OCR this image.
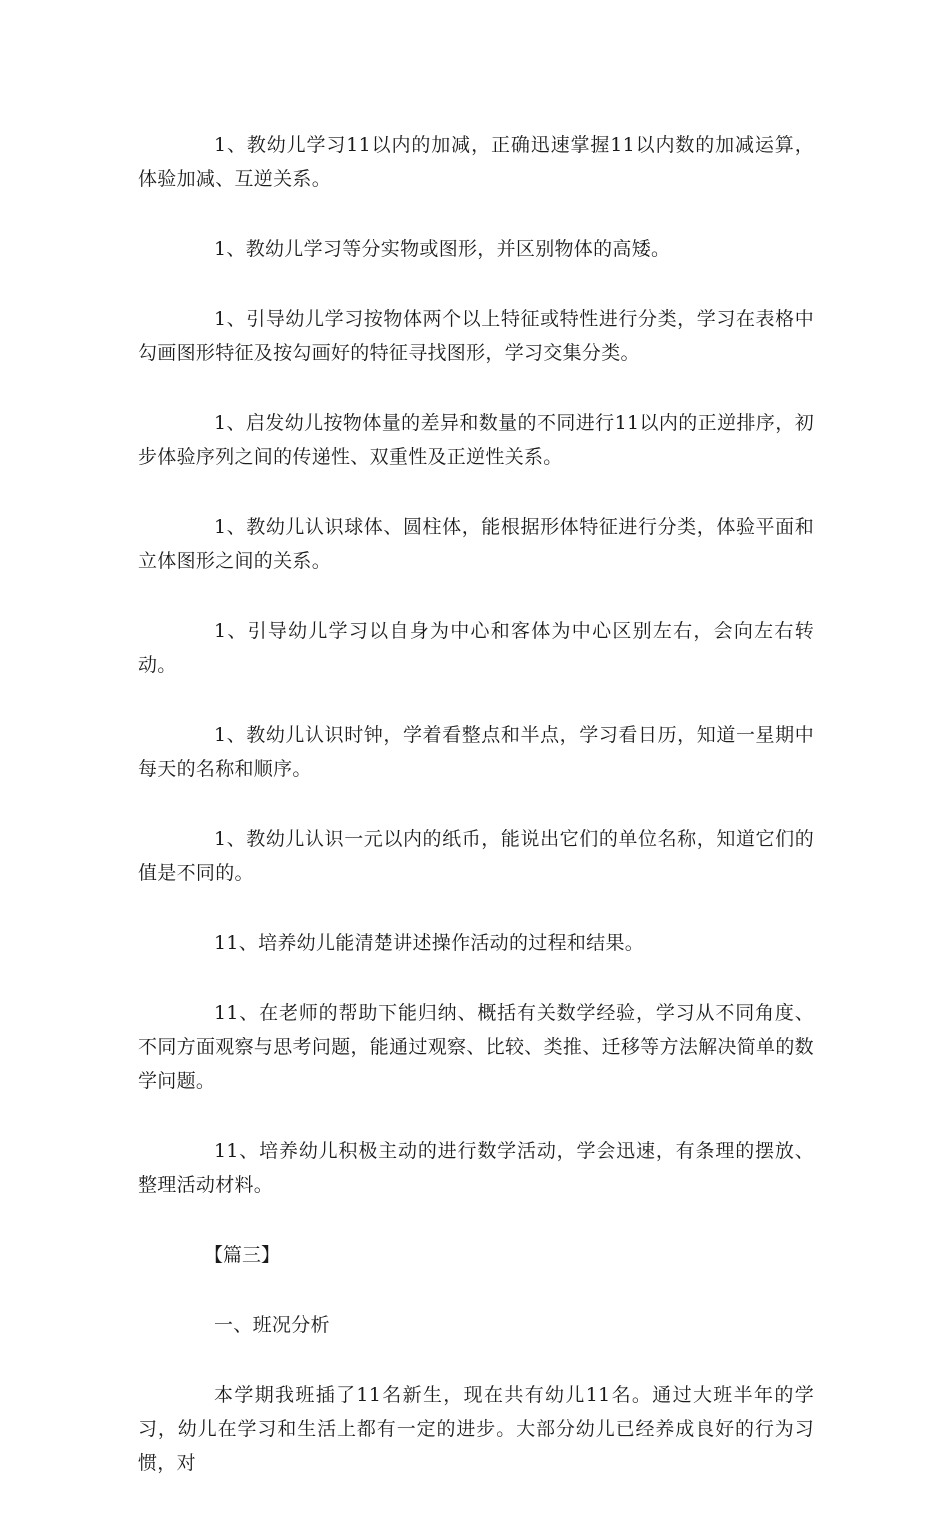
1、教幼儿学习11以内的加减，正确迅速掌握11以内数的加减运算，体验加减、互逆关系。

1、教幼儿学习等分实物或图形，并区别物体的高矮。

1、引导幼儿学习按物体两个以上特征或特性进行分类，学习在表格中勾画图形特征及按勾画好的特征寻找图形，学习交集分类。

1、启发幼儿按物体量的差异和数量的不同进行11以内的正逆排序，初步体验序列之间的传递性、双重性及正逆性关系。

1、教幼儿认识球体、圆柱体，能根据形体特征进行分类，体验平面和立体图形之间的关系。

1、引导幼儿学习以自身为中心和客体为中心区别左右，会向左右转动。

1、教幼儿认识时钟，学着看整点和半点，学习看日历，知道一星期中每天的名称和顺序。

1、教幼儿认识一元以内的纸币，能说出它们的单位名称，知道它们的值是不同的。

11、培养幼儿能清楚讲述操作活动的过程和结果。

11、在老师的帮助下能归纳、概括有关数学经验，学习从不同角度、不同方面观察与思考问题，能通过观察、比较、类推、迁移等方法解决简单的数学问题。

11、培养幼儿积极主动的进行数学活动，学会迅速，有条理的摆放、整理活动材料。

【篇三】

一、班况分析

本学期我班插了11名新生，现在共有幼儿11名。通过大班半年的学习，幼儿在学习和生活上都有一定的进步。大部分幼儿已经养成良好的行为习惯，对
